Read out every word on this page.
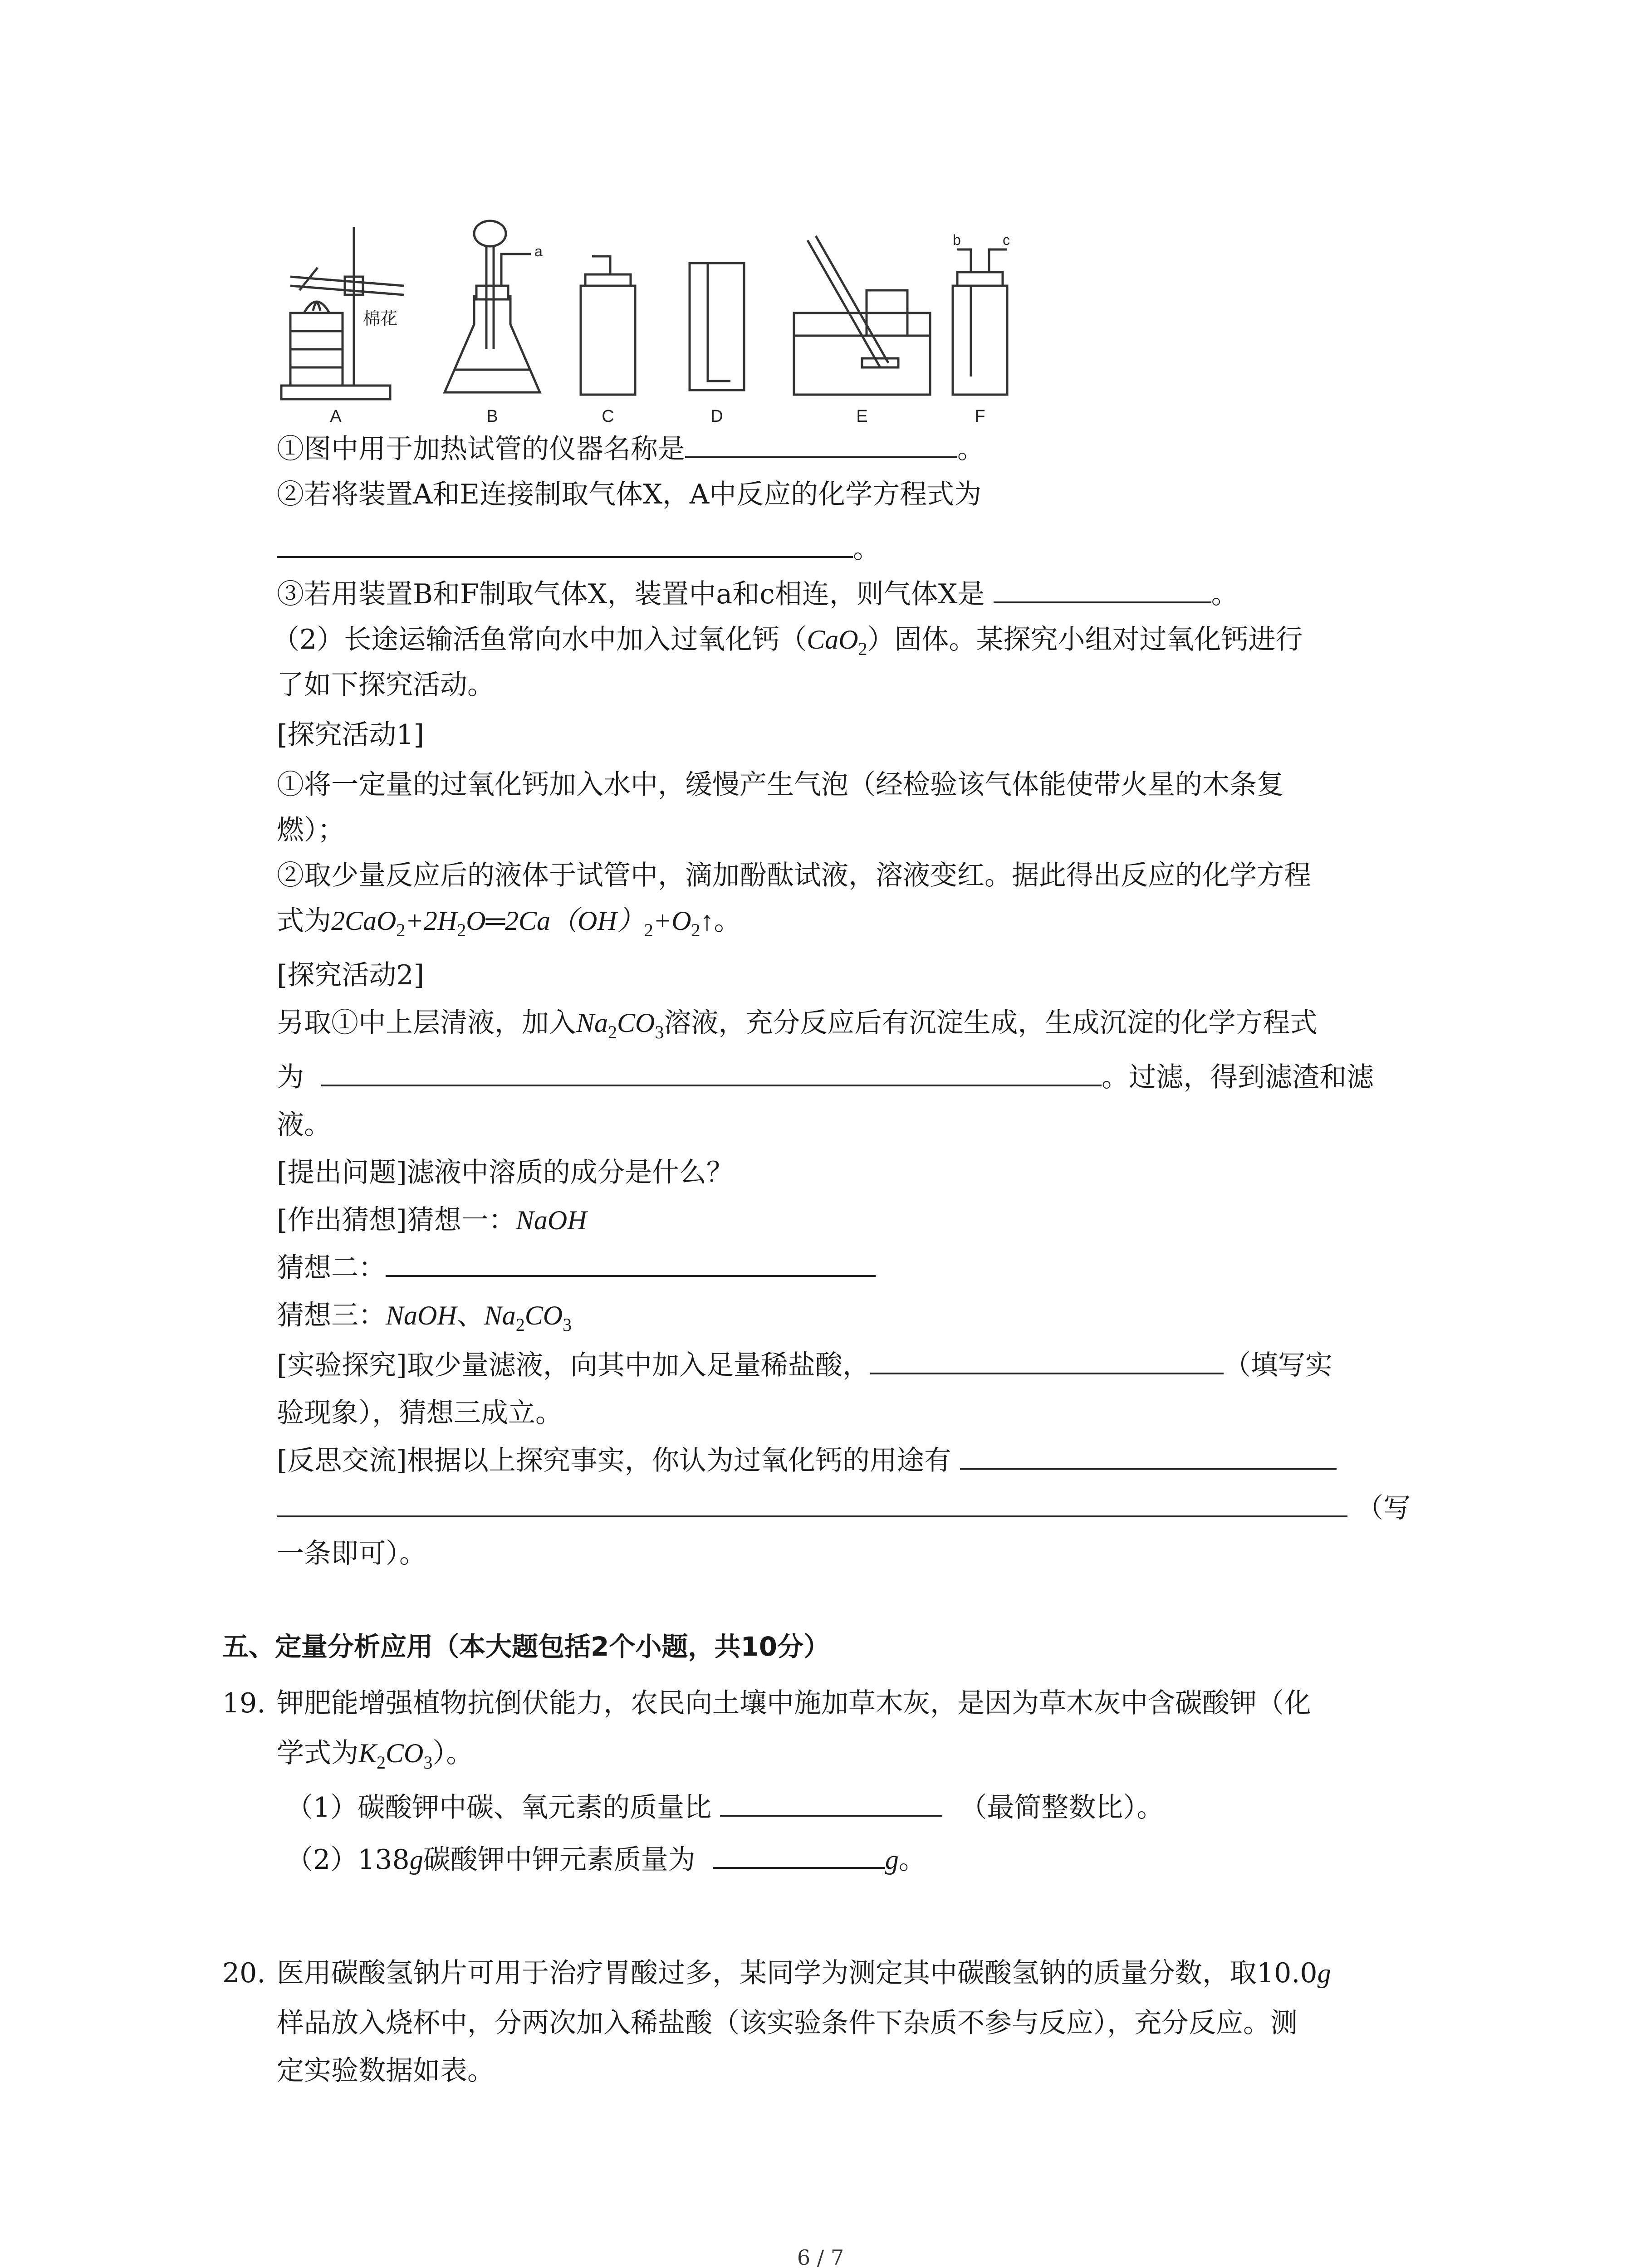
棉花
a
b	c
A	B	C	D	E	F
①图中用于加热试管的仪器名称是	。
②若将装置A和E连接制取气体X，A中反应的化学方程式为
。
③若用装置B和F制取气体X，装置中a和c相连，则气体X是	。
（2）长途运输活鱼常向水中加入过氧化钙（CaO$_2$）固体。某探究小组对过氧化钙进行
了如下探究活动。
[探究活动1]
①将一定量的过氧化钙加入水中，缓慢产生气泡（经检验该气体能使带火星的木条复
燃）；
②取少量反应后的液体于试管中，滴加酚酞试液，溶液变红。据此得出反应的化学方程
式为$2CaO_2+2H_2O═2Ca(OH)_2+O_2↑$。
[探究活动2]
另取①中上层清液，加入$Na_2CO_3$溶液，充分反应后有沉淀生成，生成沉淀的化学方程式
为	。过滤，得到滤渣和滤
液。
[提出问题]滤液中溶质的成分是什么？
[作出猜想]猜想一：NaOH
猜想二：
猜想三：NaOH、$Na_2CO_3$
[实验探究]取少量滤液，向其中加入足量稀盐酸，	（填写实
验现象），猜想三成立。
[反思交流]根据以上探究事实，你认为过氧化钙的用途有
（写
一条即可）。
五、定量分析应用（本大题包括2个小题，共10分）
19. 钾肥能增强植物抗倒伏能力，农民向土壤中施加草木灰，是因为草木灰中含碳酸钾（化
学式为$K_2CO_3$）。
（1）碳酸钾中碳、氧元素的质量比	（最简整数比）。
（2）138g碳酸钾中钾元素质量为	g。
20. 医用碳酸氢钠片可用于治疗胃酸过多，某同学为测定其中碳酸氢钠的质量分数，取10.0g
样品放入烧杯中，分两次加入稀盐酸（该实验条件下杂质不参与反应），充分反应。测
定实验数据如表。
6 / 7
